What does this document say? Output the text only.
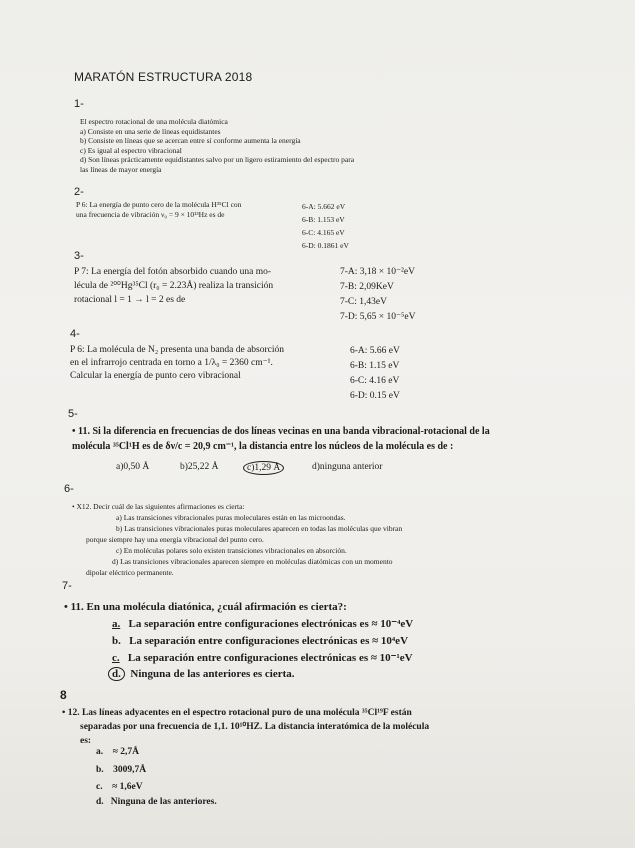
MARATÓN ESTRUCTURA 2018
1-
El espectro rotacional de una molécula diatómica
a) Consiste en una serie de líneas equidistantes
b) Consiste en líneas que se acercan entre sí conforme aumenta la energía
c) Es igual al espectro vibracional
d) Son líneas prácticamente equidistantes salvo por un ligero estiramiento del espectro para
las líneas de mayor energía
2-
P 6: La energía de punto cero de la molécula H³⁵Cl con
una frecuencia de vibración ν₀ = 9 × 10¹³Hz es de
6-A: 5.662 eV
6-B: 1.153 eV
6-C: 4.165 eV
6-D: 0.1861 eV
3-
P 7: La energía del fotón absorbido cuando una mo-
lécula de ²⁰⁰Hg³⁵Cl (r₀ = 2.23Å) realiza la transición
rotacional l = 1 → l = 2 es de
7-A: 3,18 × 10⁻²eV
7-B: 2,09KeV
7-C: 1,43eV
7-D: 5,65 × 10⁻⁵eV
4-
P 6: La molécula de N₂ presenta una banda de absorción
en el infrarrojo centrada en torno a 1/λ₀ = 2360 cm⁻¹.
Calcular la energía de punto cero vibracional
6-A: 5.66 eV
6-B: 1.15 eV
6-C: 4.16 eV
6-D: 0.15 eV
5-
• 11. Si la diferencia en frecuencias de dos líneas vecinas en una banda vibracional-rotacional de la
molécula ³⁵Cl¹H es de δν/c = 20,9 cm⁻¹, la distancia entre los núcleos de la molécula es de :
a)0,50 Å	b)25,22 Å	c)1,29 Å	d)ninguna anterior
6-
• X12. Decir cuál de las siguientes afirmaciones es cierta:
a) Las transiciones vibracionales puras moleculares están en las microondas.
b) Las transiciones vibracionales puras moleculares aparecen en todas las moléculas que vibran
porque siempre hay una energía vibracional del punto cero.
c) En moléculas polares solo existen transiciones vibracionales en absorción.
d) Las transiciones vibracionales aparecen siempre en moléculas diatómicas con un momento
dipolar eléctrico permanente.
7-
• 11. En una molécula diatónica, ¿cuál afirmación es cierta?:
a. La separación entre configuraciones electrónicas es ≈ 10⁻⁴eV
b. La separación entre configuraciones electrónicas es ≈ 10⁴eV
c. La separación entre configuraciones electrónicas es ≈ 10⁻¹eV
d. Ninguna de las anteriores es cierta.
8
• 12. Las líneas adyacentes en el espectro rotacional puro de una molécula ³⁵Cl¹⁹F están
separadas por una frecuencia de 1,1. 10¹⁰HZ. La distancia interatómica de la molécula
es:
a. ≈ 2,7Å
b. 3009,7Å
c. ≈ 1,6eV
d. Ninguna de las anteriores.
